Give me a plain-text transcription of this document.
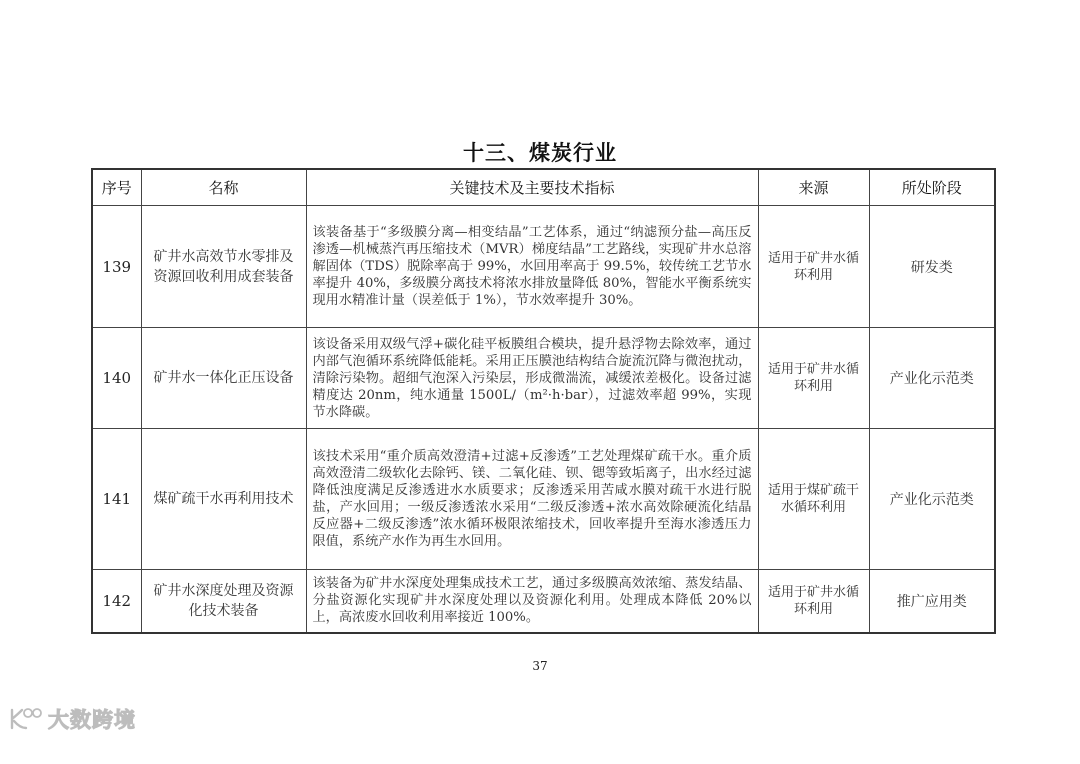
十三、煤炭行业
序号	名称	关键技术及主要技术指标	来源	所处阶段
139	矿井水高效节水零排及资源回收利用成套装备	该装备基于“多级膜分离—相变结晶”工艺体系，通过“纳滤预分盐—高压反渗透—机械蒸汽再压缩技术（MVR）梯度结晶”工艺路线，实现矿井水总溶解固体（TDS）脱除率高于 99%，水回用率高于 99.5%，较传统工艺节水率提升 40%，多级膜分离技术将浓水排放量降低 80%，智能水平衡系统实现用水精准计量（误差低于 1%），节水效率提升 30%。	适用于矿井水循环利用	研发类
140	矿井水一体化正压设备	该设备采用双级气浮+碳化硅平板膜组合模块，提升悬浮物去除效率，通过内部气泡循环系统降低能耗。采用正压膜池结构结合旋流沉降与微泡扰动，清除污染物。超细气泡深入污染层，形成微湍流，减缓浓差极化。设备过滤精度达 20nm，纯水通量 1500L/（m²·h·bar），过滤效率超 99%，实现节水降碳。	适用于矿井水循环利用	产业化示范类
141	煤矿疏干水再利用技术	该技术采用“重介质高效澄清+过滤+反渗透”工艺处理煤矿疏干水。重介质高效澄清二级软化去除钙、镁、二氧化硅、钡、锶等致垢离子，出水经过滤降低浊度满足反渗透进水水质要求；反渗透采用苦咸水膜对疏干水进行脱盐，产水回用；一级反渗透浓水采用“二级反渗透+浓水高效除硬流化结晶反应器+二级反渗透”浓水循环极限浓缩技术，回收率提升至海水渗透压力限值，系统产水作为再生水回用。	适用于煤矿疏干水循环利用	产业化示范类
142	矿井水深度处理及资源化技术装备	该装备为矿井水深度处理集成技术工艺，通过多级膜高效浓缩、蒸发结晶、分盐资源化实现矿井水深度处理以及资源化利用。处理成本降低 20%以上，高浓废水回收利用率接近 100%。	适用于矿井水循环利用	推广应用类
37
大数跨境
